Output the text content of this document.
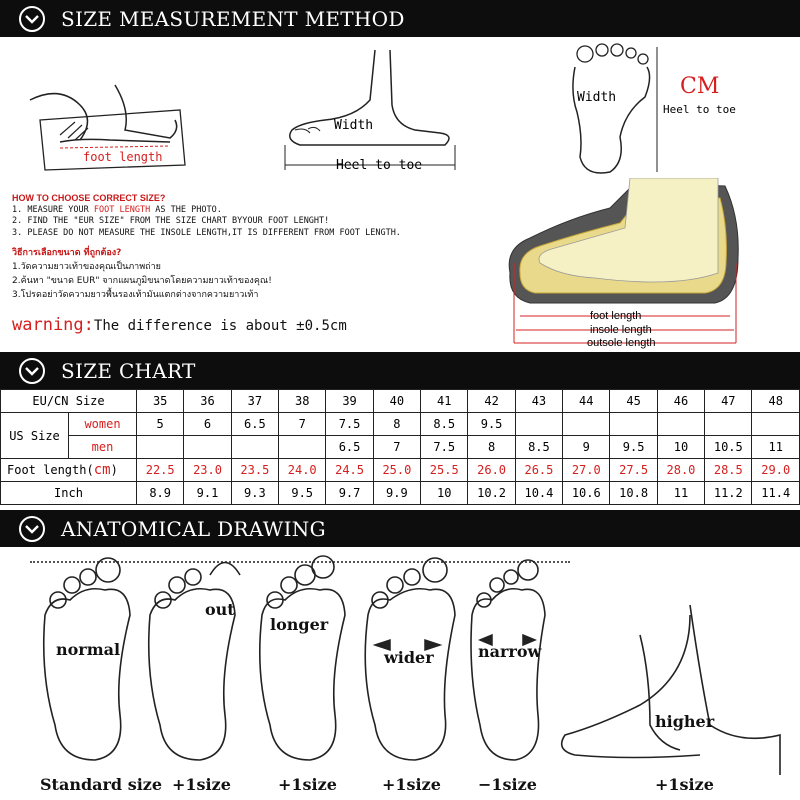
SIZE MEASUREMENT METHOD
foot length
Width
Heel to toe
Width	CM
Heel to toe
HOW TO CHOOSE CORRECT SIZE?
1. MEASURE YOUR FOOT LENGTH AS THE PHOTO.
2. FIND THE "EUR SIZE" FROM THE SIZE CHART BYYOUR FOOT LENGHT!
3. PLEASE DO NOT MEASURE THE INSOLE LENGTH,IT IS DIFFERENT FROM FOOT LENGTH.
วิธีการเลือกขนาด ที่ถูกต้อง?
1.วัดความยาวเท้าของคุณเป็นภาพถ่าย
2.ค้นหา "ขนาด EUR" จากแผนภูมิขนาดโดยความยาวเท้าของคุณ!
3.โปรดอย่าวัดความยาวพื้นรองเท้ามันแตกต่างจากความยาวเท้า
warning:The difference is about ±0.5cm
foot length
insole length
outsole length
SIZE CHART
EU/CN Size		35	36	37	38	39	40	41	42	43	44	45	46	47	48
US Size	women	5	6	6.5	7	7.5	8	8.5	9.5						
	men					6.5	7	7.5	8	8.5	9	9.5	10	10.5	11
Foot length(cm)		22.5	23.0	23.5	24.0	24.5	25.0	25.5	26.0	26.5	27.0	27.5	28.0	28.5	29.0
Inch		8.9	9.1	9.3	9.5	9.7	9.9	10	10.2	10.4	10.6	10.8	11	11.2	11.4
ANATOMICAL DRAWING
normal
out
longer
wider	narrow
higher
Standard size +1size	+1size	+1size −1size	+1size
